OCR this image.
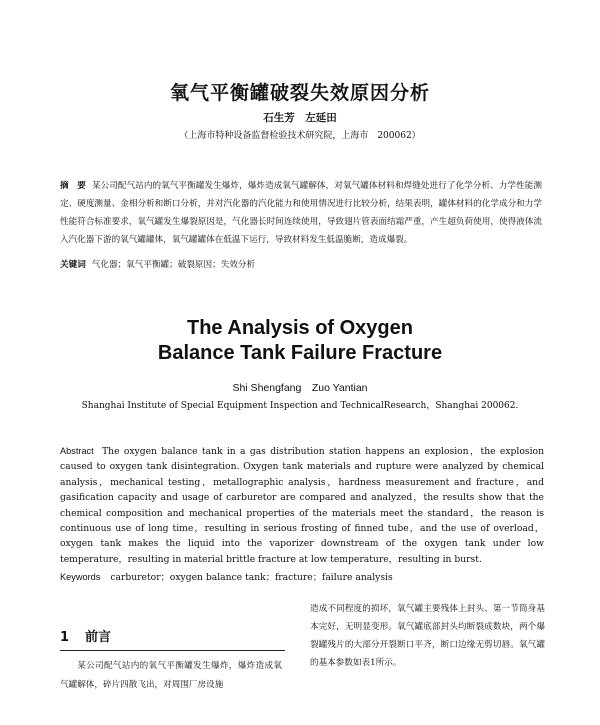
氧气平衡罐破裂失效原因分析
石生芳　左延田
（上海市特种设备监督检验技术研究院，上海市　200062）
摘　要 某公司配气站内的氧气平衡罐发生爆炸，爆炸造成氧气罐解体，对氧气罐体材料和焊缝处进行了化学分析、力学性能测定、硬度测量、金相分析和断口分析，并对汽化器的汽化能力和使用情况进行比较分析，结果表明，罐体材料的化学成分和力学性能符合标准要求，氧气罐发生爆裂原因是，气化器长时间连续使用，导致翅片管表面结霜严重，产生超负荷使用，使得液体流入汽化器下游的氧气罐罐体，氧气罐罐体在低温下运行，导致材料发生低温脆断，造成爆裂。
关键词 气化器；氧气平衡罐；破裂原因；失效分析
The Analysis of Oxygen
Balance Tank Failure Fracture
Shi Shengfang　Zuo Yantian
Shanghai Institute of Special Equipment Inspection and TechnicalResearch，Shanghai 200062.
Abstract The oxygen balance tank in a gas distribution station happens an explosion，the explosion caused to oxygen tank disintegration. Oxygen tank materials and rupture were analyzed by chemical analysis，mechanical testing，metallographic analysis，hardness measurement and fracture，and gasification capacity and usage of carburetor are compared and analyzed，the results show that the chemical composition and mechanical properties of the materials meet the standard，the reason is continuous use of long time，resulting in serious frosting of finned tube，and the use of overload，oxygen tank makes the liquid into the vaporizer downstream of the oxygen tank under low temperature，resulting in material brittle fracture at low temperature，resulting in burst.
Keywords carburetor；oxygen balance tank；fracture；failure analysis
1 前言
某公司配气站内的氧气平衡罐发生爆炸，爆炸造成氧气罐解体，碎片四散飞出，对周围厂房设施
造成不同程度的损坏，氧气罐主要残体上封头、第一节筒身基本完好，无明显变形。氧气罐底部封头均断裂成数块，两个爆裂罐残片的大部分开裂断口平齐，断口边缘无剪切唇。氧气罐的基本参数如表1所示。
